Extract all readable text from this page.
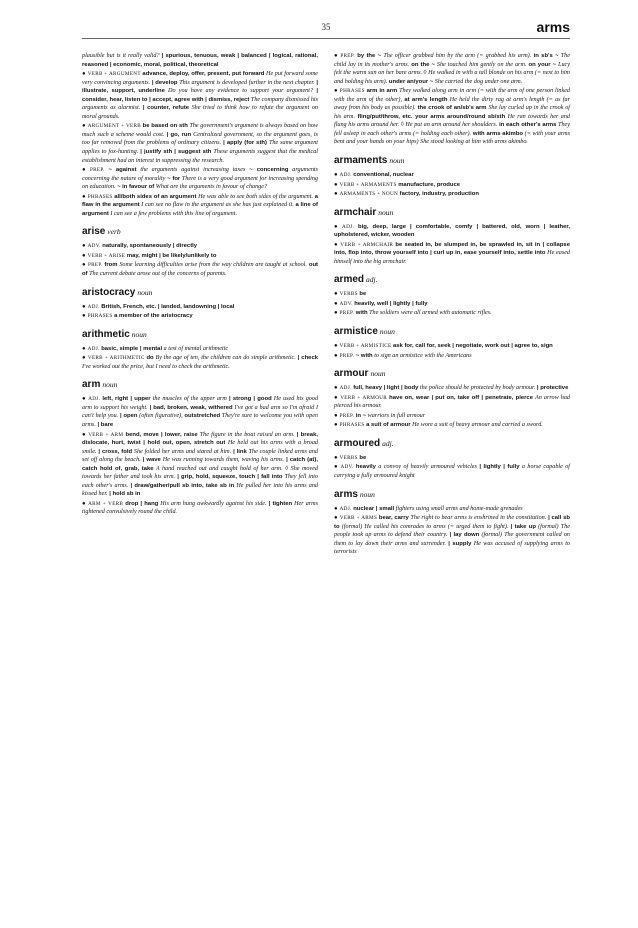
35	arms

plausible but is it really valid? | spurious, tenuous, weak | balanced | logical, rational, reasoned | economic, moral, political, theoretical

● VERB + ARGUMENT advance, deploy, offer, present, put forward He put forward some very convincing arguments. | develop This argument is developed further in the next chapter. | illustrate, support, underline Do you have any evidence to support your argument? | consider, hear, listen to | accept, agree with | dismiss, reject The company dismissed his arguments as alarmist. | counter, refute She tried to think how to refute the argument on moral grounds.

● ARGUMENT + VERB be based on sth The government's argument is always based on how much such a scheme would cost. | go, run Centralized government, so the argument goes, is too far removed from the problems of ordinary citizens. | apply (for sth) The same argument applies to fox-hunting. | justify sth | suggest sth These arguments suggest that the medical establishment had an interest in suppressing the research.

● PREP. ~ against the arguments against increasing taxes ~ concerning arguments concerning the nature of morality ~ for There is a very good argument for increasing spending on education. ~ in favour of What are the arguments in favour of change?

● PHRASES all/both sides of an argument He was able to see both sides of the argument. a flaw in the argument I can see no flaw in the argument as she has just explained it. a line of argument I can see a few problems with this line of argument.

arise verb

● ADV. naturally, spontaneously | directly

● VERB + ARISE may, might | be likely/unlikely to

● PREP. from Some learning difficulties arise from the way children are taught at school. out of The current debate arose out of the concerns of parents.

aristocracy noun

● ADJ. British, French, etc. | landed, landowning | local

● PHRASES a member of the aristocracy

arithmetic noun

● ADJ. basic, simple | mental a test of mental arithmetic

● VERB + ARITHMETIC do By the age of ten, the children can do simple arithmetic. | check I've worked out the price, but I need to check the arithmetic.

arm noun

● ADJ. left, right | upper the muscles of the upper arm | strong | good He used his good arm to support his weight. | bad, broken, weak, withered I've got a bad arm so I'm afraid I can't help you. | open (often figurative), outstretched They're sure to welcome you with open arms. | bare

● VERB + ARM bend, move | lower, raise The figure in the boat raised an arm. | break, dislocate, hurt, twist | hold out, open, stretch out He held out his arms with a broad smile. | cross, fold She folded her arms and stared at him. | link The couple linked arms and set off along the beach. | wave He was running towards them, waving his arms. | catch (at), catch hold of, grab, take A hand reached out and caught hold of her arm. ◊ She moved towards her father and took his arm. | grip, hold, squeeze, touch | fall into They fell into each other's arms. | draw/gather/pull sb into, take sb in He pulled her into his arms and kissed her. | hold sb in

● ARM + VERB drop | hang His arm hung awkwardly against his side. | tighten Her arms tightened convulsively round the child.

● PREP. by the ~ The officer grabbed him by the arm (= grabbed his arm). in sb's ~ The child lay in its mother's arms. on the ~ She touched him gently on the arm. on your ~ Lucy felt the warm sun on her bare arms. ◊ He walked in with a tall blonde on his arm (= next to him and holding his arm). under an/your ~ She carried the dog under one arm.

● PHRASES arm in arm They walked along arm in arm (= with the arm of one person linked with the arm of the other), at arm's length He held the dirty rag at arm's length (= as far away from his body as possible). the crook of an/sb's arm She lay curled up in the crook of his arm. fling/put/throw, etc. your arms around/round sb/sth He ran towards her and flung his arms around her. ◊ He put an arm around her shoulders. in each other's arms They fell asleep in each other's arms (= holding each other). with arms akimbo (= with your arms bent and your hands on your hips) She stood looking at him with arms akimbo.

armaments noun

● ADJ. conventional, nuclear

● VERB + ARMAMENTS manufacture, produce

● ARMAMENTS + NOUN factory, industry, production

armchair noun

● ADJ. big, deep, large | comfortable, comfy | battered, old, worn | leather, upholstered, wicker, wooden

● VERB + ARMCHAIR be seated in, be slumped in, be sprawled in, sit in | collapse into, flop into, throw yourself into | curl up in, ease yourself into, settle into He eased himself into the big armchair.

armed adj.

● VERBS be

● ADV. heavily, well | lightly | fully

● PREP. with The soldiers were all armed with automatic rifles.

armistice noun

● VERB + ARMISTICE ask for, call for, seek | negotiate, work out | agree to, sign

● PREP. ~ with to sign an armistice with the Americans

armour noun

● ADJ. full, heavy | light | body the police should be protected by body armour. | protective

● VERB + ARMOUR have on, wear | put on, take off | penetrate, pierce An arrow had pierced his armour.

● PREP. in ~ warriors in full armour

● PHRASES a suit of armour He wore a suit of heavy armour and carried a sword.

armoured adj.

● VERBS be

● ADV. heavily a convoy of heavily armoured vehicles | lightly | fully a horse capable of carrying a fully armoured knight

arms noun

● ADJ. nuclear | small fighters using small arms and home-made grenades

● VERB + ARMS bear, carry The right to bear arms is enshrined in the constitution. | call sb to (formal) He called his comrades to arms (= urged them to fight). | take up (formal) The people took up arms to defend their country. | lay down (formal) The government called on them to lay down their arms and surrender. | supply He was accused of supplying arms to terrorists
